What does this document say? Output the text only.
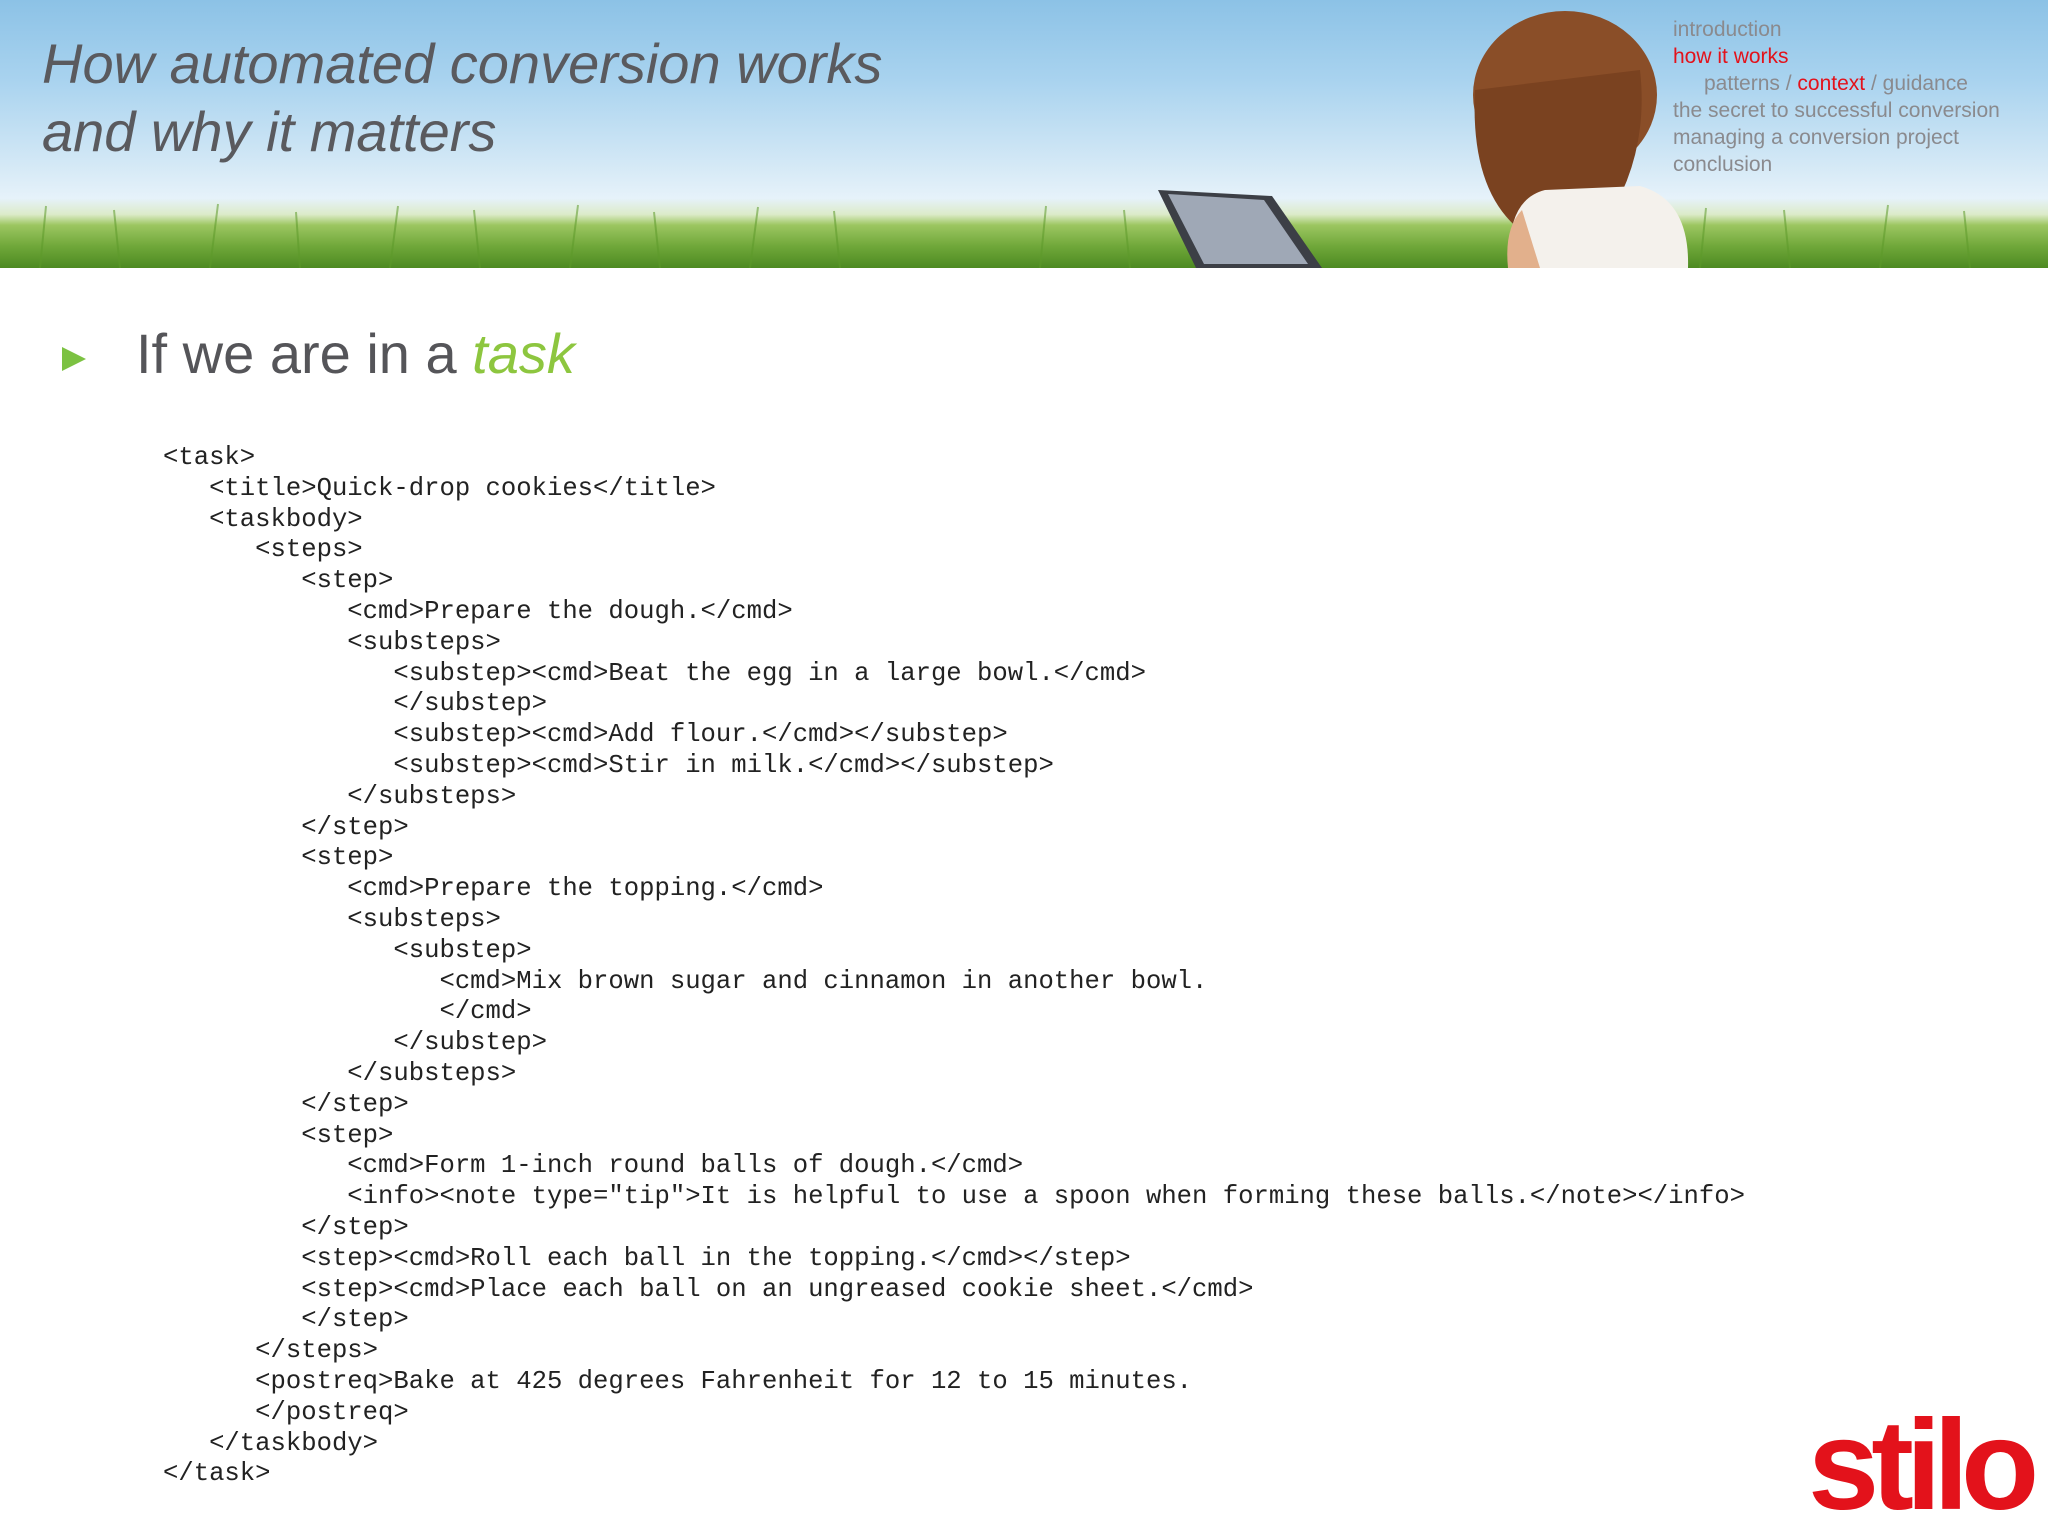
How automated conversion works
and why it matters
introduction
how it works
patterns / context / guidance
the secret to successful conversion
managing a conversion project
conclusion
If we are in a task
<task>
<title>Quick-drop cookies</title>
<taskbody>
<steps>
<step>
<cmd>Prepare the dough.</cmd>
<substeps>
<substep><cmd>Beat the egg in a large bowl.</cmd>
</substep>
<substep><cmd>Add flour.</cmd></substep>
<substep><cmd>Stir in milk.</cmd></substep>
</substeps>
</step>
<step>
<cmd>Prepare the topping.</cmd>
<substeps>
<substep>
<cmd>Mix brown sugar and cinnamon in another bowl.
</cmd>
</substep>
</substeps>
</step>
<step>
<cmd>Form 1-inch round balls of dough.</cmd>
<info><note type="tip">It is helpful to use a spoon when forming these balls.</note></info>
</step>
<step><cmd>Roll each ball in the topping.</cmd></step>
<step><cmd>Place each ball on an ungreased cookie sheet.</cmd>
</step>
</steps>
<postreq>Bake at 425 degrees Fahrenheit for 12 to 15 minutes.
</postreq>
</taskbody>
</task>	stilo
